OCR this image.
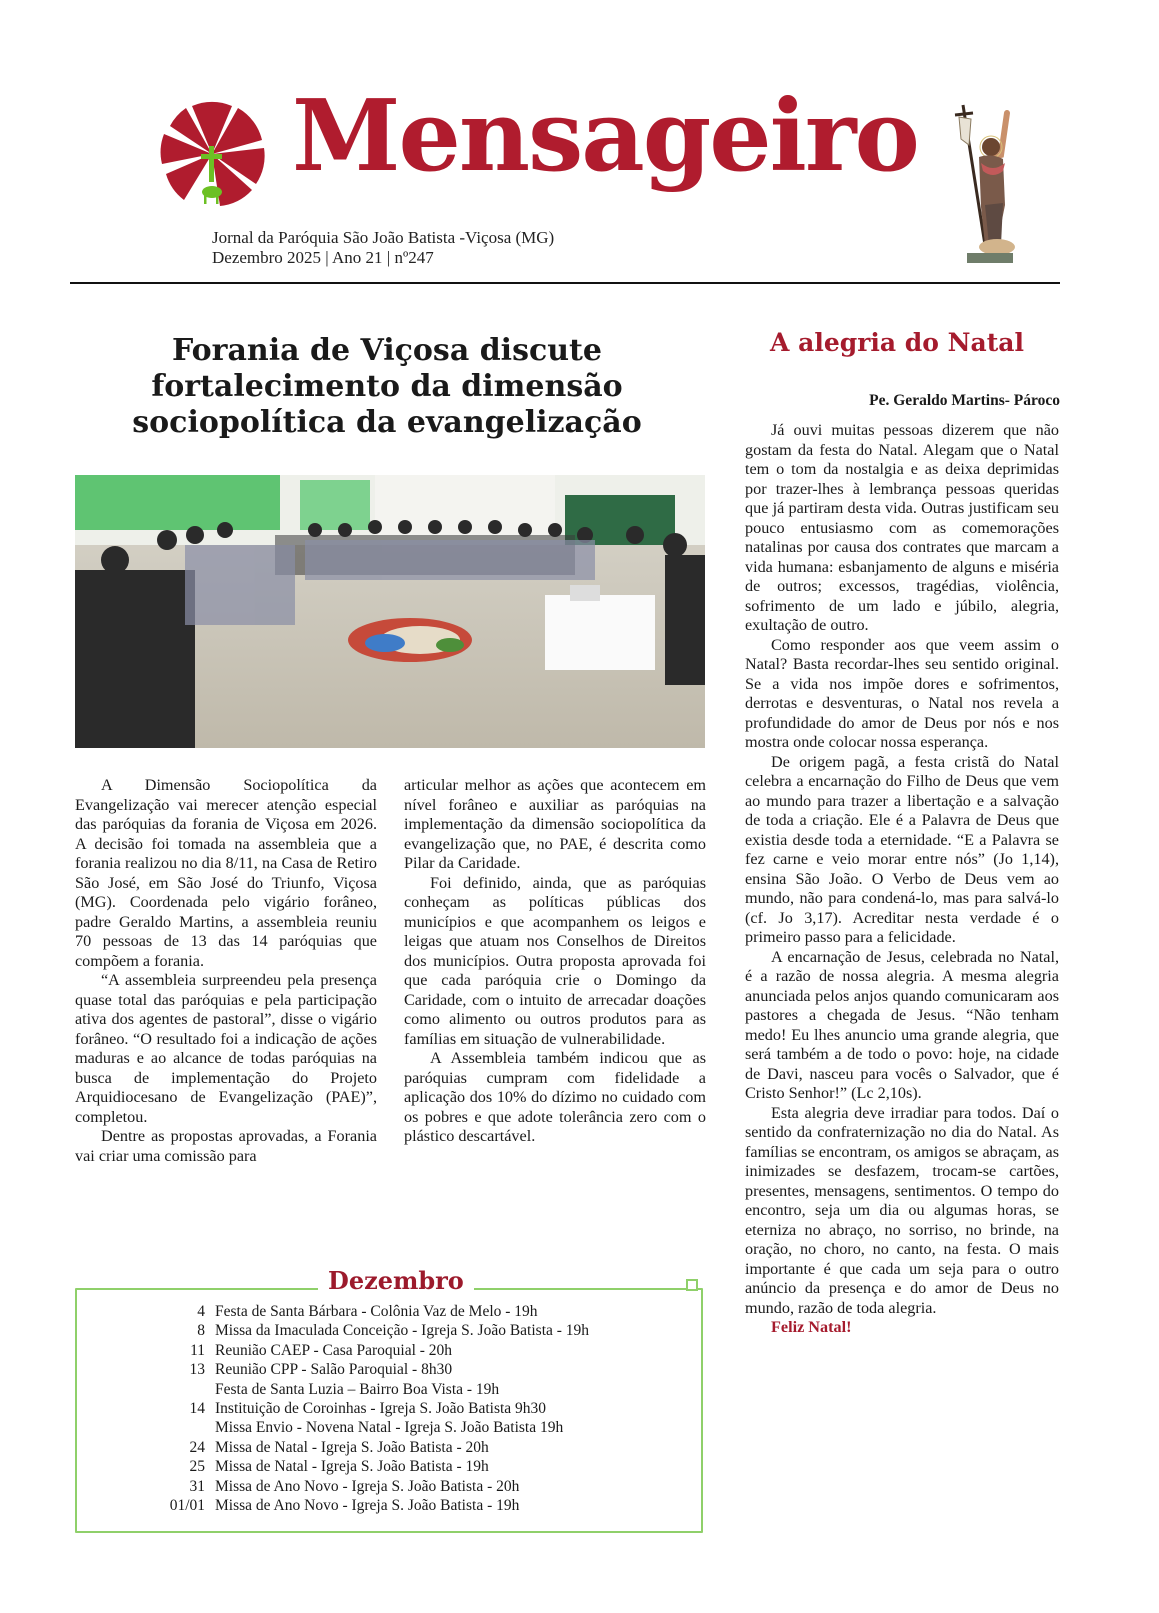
Mensageiro
Jornal da Paróquia São João Batista -Viçosa (MG)
Dezembro 2025 | Ano 21 | nº247
Forania de Viçosa discute fortalecimento da dimensão sociopolítica da evangelização

A Dimensão Sociopolítica da Evangelização vai merecer atenção especial das paróquias da forania de Viçosa em 2026. A decisão foi tomada na assembleia que a forania realizou no dia 8/11, na Casa de Retiro São José, em São José do Triunfo, Viçosa (MG). Coordenada pelo vigário forâneo, padre Geraldo Martins, a assembleia reuniu 70 pessoas de 13 das 14 paróquias que compõem a forania.

“A assembleia surpreendeu pela presença quase total das paróquias e pela participação ativa dos agentes de pastoral”, disse o vigário forâneo. “O resultado foi a indicação de ações maduras e ao alcance de todas paróquias na busca de implementação do Projeto Arquidiocesano de Evangelização (PAE)”, completou.

Dentre as propostas aprovadas, a Forania vai criar uma comissão para

articular melhor as ações que acontecem em nível forâneo e auxiliar as paróquias na implementação da dimensão sociopolítica da evangelização que, no PAE, é descrita como Pilar da Caridade.

Foi definido, ainda, que as paróquias conheçam as políticas públicas dos municípios e que acompanhem os leigos e leigas que atuam nos Conselhos de Direitos dos municípios. Outra proposta aprovada foi que cada paróquia crie o Domingo da Caridade, com o intuito de arrecadar doações como alimento ou outros produtos para as famílias em situação de vulnerabilidade.

A Assembleia também indicou que as paróquias cumpram com fidelidade a aplicação dos 10% do dízimo no cuidado com os pobres e que adote tolerância zero com o plástico descartável.

Dezembro
4 Festa de Santa Bárbara - Colônia Vaz de Melo - 19h
8 Missa da Imaculada Conceição - Igreja S. João Batista - 19h
11 Reunião CAEP - Casa Paroquial - 20h
13 Reunião CPP - Salão Paroquial - 8h30
Festa de Santa Luzia – Bairro Boa Vista - 19h
14 Instituição de Coroinhas - Igreja S. João Batista 9h30
Missa Envio - Novena Natal - Igreja S. João Batista 19h
24 Missa de Natal - Igreja S. João Batista - 20h
25 Missa de Natal - Igreja S. João Batista - 19h
31 Missa de Ano Novo - Igreja S. João Batista - 20h
01/01 Missa de Ano Novo - Igreja S. João Batista - 19h
A alegria do Natal
Pe. Geraldo Martins- Pároco

Já ouvi muitas pessoas dizerem que não gostam da festa do Natal. Alegam que o Natal tem o tom da nostalgia e as deixa deprimidas por trazer-lhes à lembrança pessoas queridas que já partiram desta vida. Outras justificam seu pouco entusiasmo com as comemorações natalinas por causa dos contrates que marcam a vida humana: esbanjamento de alguns e miséria de outros; excessos, tragédias, violência, sofrimento de um lado e júbilo, alegria, exultação de outro.

Como responder aos que veem assim o Natal? Basta recordar-lhes seu sentido original. Se a vida nos impõe dores e sofrimentos, derrotas e desventuras, o Natal nos revela a profundidade do amor de Deus por nós e nos mostra onde colocar nossa esperança.

De origem pagã, a festa cristã do Natal celebra a encarnação do Filho de Deus que vem ao mundo para trazer a libertação e a salvação de toda a criação. Ele é a Palavra de Deus que existia desde toda a eternidade. “E a Palavra se fez carne e veio morar entre nós” (Jo 1,14), ensina São João. O Verbo de Deus vem ao mundo, não para condená-lo, mas para salvá-lo (cf. Jo 3,17). Acreditar nesta verdade é o primeiro passo para a felicidade.

A encarnação de Jesus, celebrada no Natal, é a razão de nossa alegria. A mesma alegria anunciada pelos anjos quando comunicaram aos pastores a chegada de Jesus. “Não tenham medo! Eu lhes anuncio uma grande alegria, que será também a de todo o povo: hoje, na cidade de Davi, nasceu para vocês o Salvador, que é Cristo Senhor!” (Lc 2,10s).

Esta alegria deve irradiar para todos. Daí o sentido da confraternização no dia do Natal. As famílias se encontram, os amigos se abraçam, as inimizades se desfazem, trocam-se cartões, presentes, mensagens, sentimentos. O tempo do encontro, seja um dia ou algumas horas, se eterniza no abraço, no sorriso, no brinde, na oração, no choro, no canto, na festa. O mais importante é que cada um seja para o outro anúncio da presença e do amor de Deus no mundo, razão de toda alegria.

Feliz Natal!
